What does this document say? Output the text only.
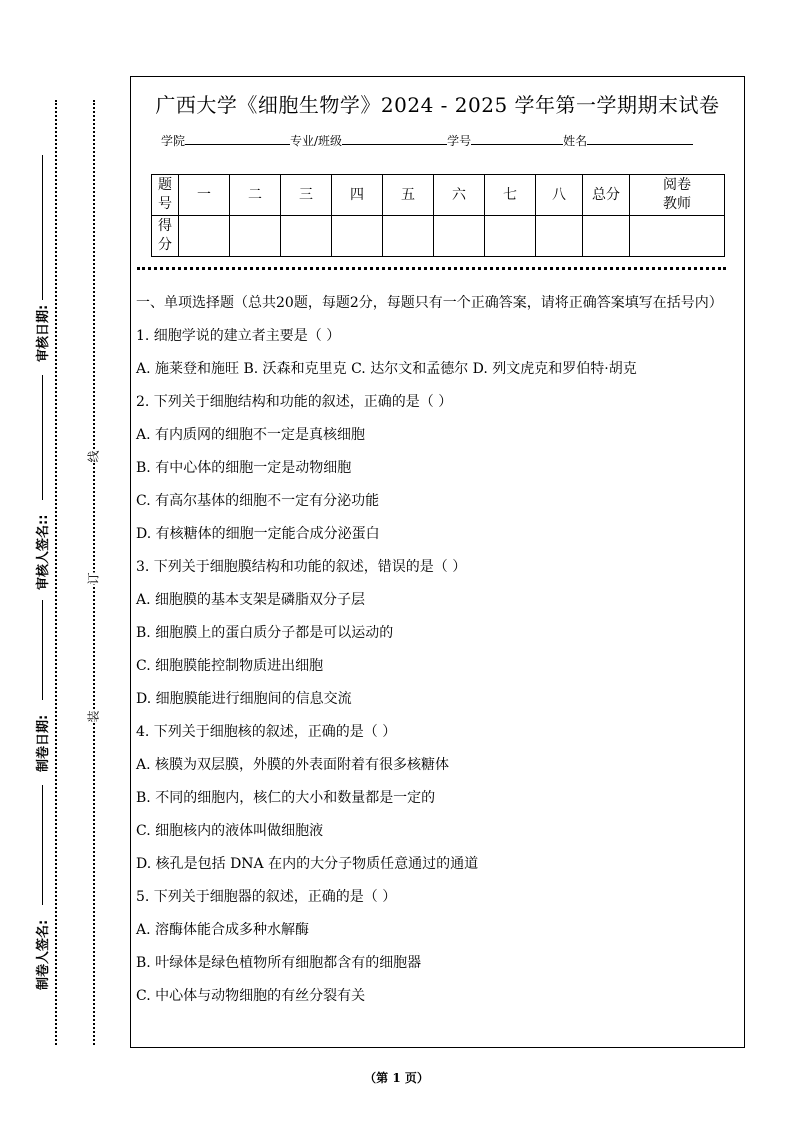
审核日期:
审核人签名::
制卷日期:
制卷人签名:
线
订
装
广西大学《细胞生物学》2024 - 2025 学年第一学期期末试卷
学院	专业/班级	学号	姓名
题号	一	二	三	四	五	六	七	八	总分	阅卷教师
得分										

一、单项选择题（总共20题，每题2分，每题只有一个正确答案，请将正确答案填写在括号内）

1. 细胞学说的建立者主要是（ ）

A. 施莱登和施旺 B. 沃森和克里克 C. 达尔文和孟德尔 D. 列文虎克和罗伯特·胡克

2. 下列关于细胞结构和功能的叙述，正确的是（ ）

A. 有内质网的细胞不一定是真核细胞

B. 有中心体的细胞一定是动物细胞

C. 有高尔基体的细胞不一定有分泌功能

D. 有核糖体的细胞一定能合成分泌蛋白

3. 下列关于细胞膜结构和功能的叙述，错误的是（ ）

A. 细胞膜的基本支架是磷脂双分子层

B. 细胞膜上的蛋白质分子都是可以运动的

C. 细胞膜能控制物质进出细胞

D. 细胞膜能进行细胞间的信息交流

4. 下列关于细胞核的叙述，正确的是（ ）

A. 核膜为双层膜，外膜的外表面附着有很多核糖体

B. 不同的细胞内，核仁的大小和数量都是一定的

C. 细胞核内的液体叫做细胞液

D. 核孔是包括 DNA 在内的大分子物质任意通过的通道

5. 下列关于细胞器的叙述，正确的是（ ）

A. 溶酶体能合成多种水解酶

B. 叶绿体是绿色植物所有细胞都含有的细胞器

C. 中心体与动物细胞的有丝分裂有关

（第 1 页）
